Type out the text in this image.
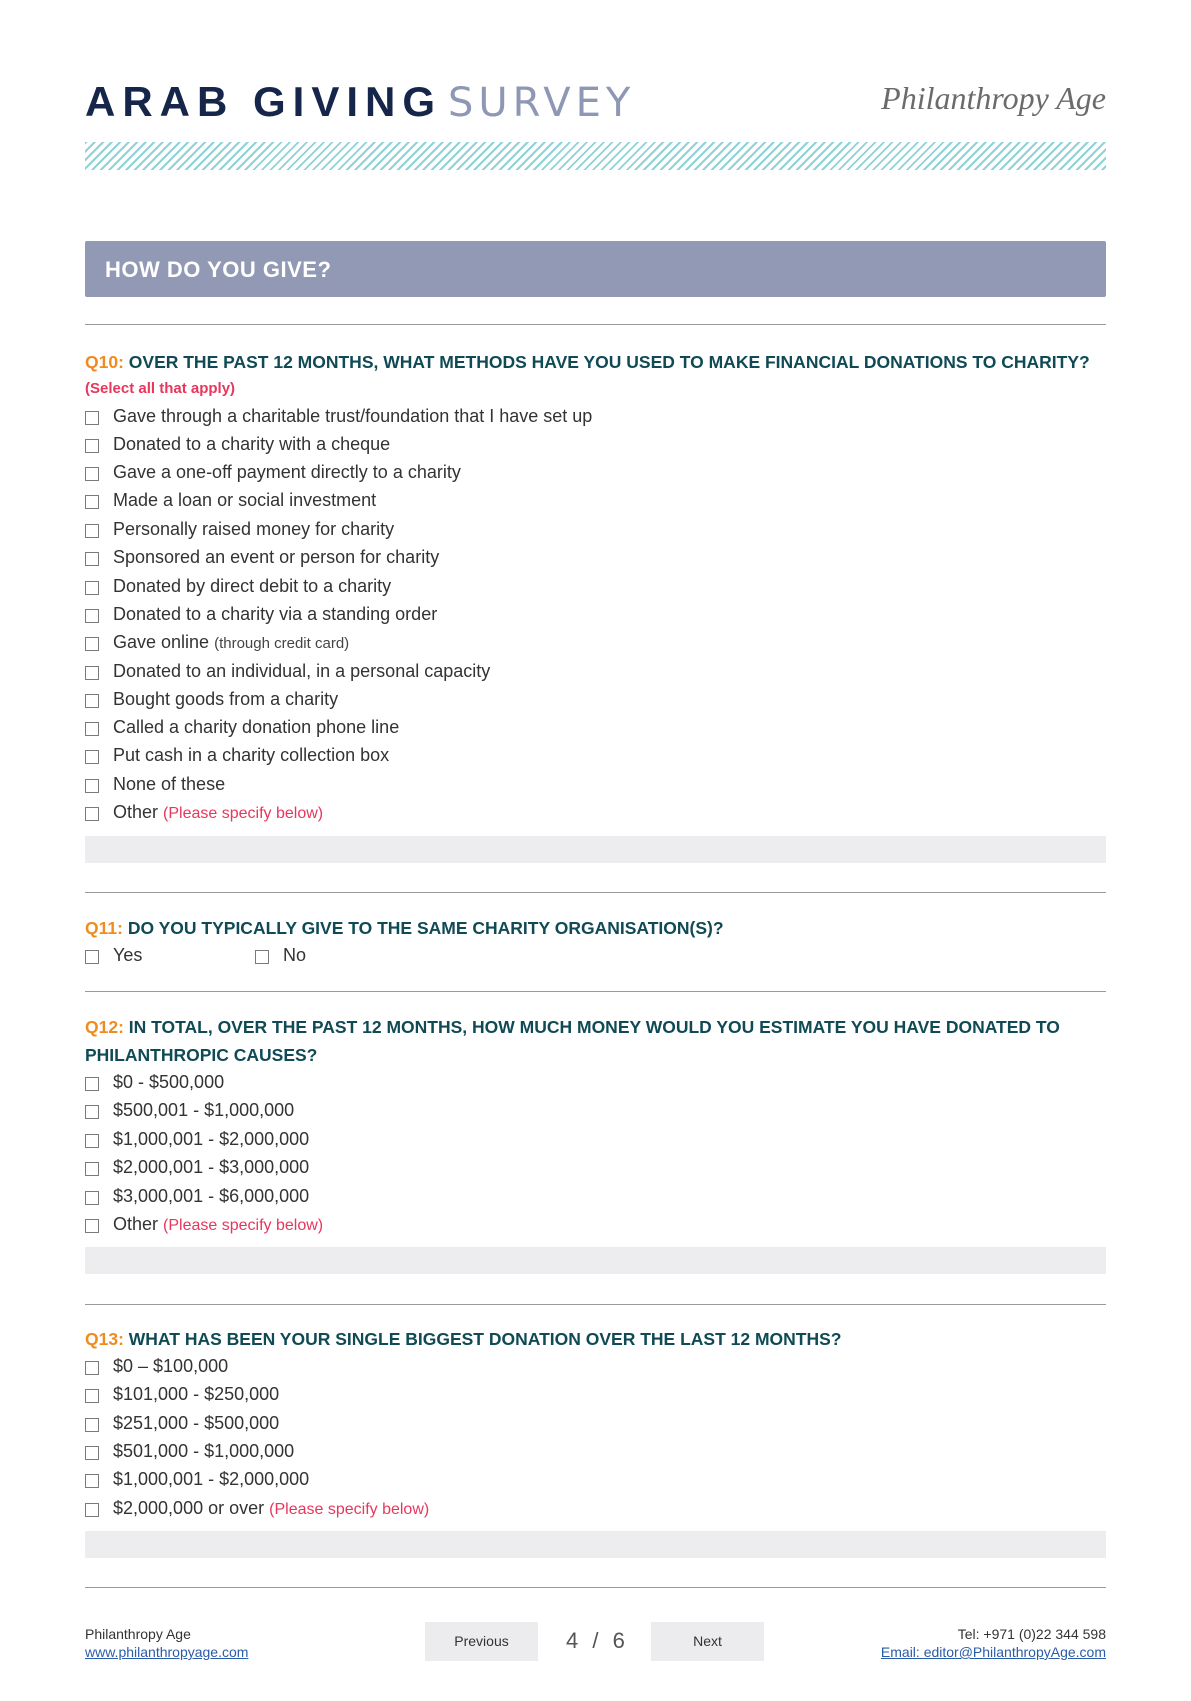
ARAB GIVING SURVEY	Philanthropy Age
HOW DO YOU GIVE?
Q10: OVER THE PAST 12 MONTHS, WHAT METHODS HAVE YOU USED TO MAKE FINANCIAL DONATIONS TO CHARITY?
(Select all that apply)
Gave through a charitable trust/foundation that I have set up
Donated to a charity with a cheque
Gave a one-off payment directly to a charity
Made a loan or social investment
Personally raised money for charity
Sponsored an event or person for charity
Donated by direct debit to a charity
Donated to a charity via a standing order
Gave online (through credit card)
Donated to an individual, in a personal capacity
Bought goods from a charity
Called a charity donation phone line
Put cash in a charity collection box
None of these
Other (Please specify below)
Q11: DO YOU TYPICALLY GIVE TO THE SAME CHARITY ORGANISATION(S)?
Yes	No
Q12: IN TOTAL, OVER THE PAST 12 MONTHS, HOW MUCH MONEY WOULD YOU ESTIMATE YOU HAVE DONATED TO
PHILANTHROPIC CAUSES?
$0 - $500,000
$500,001 - $1,000,000
$1,000,001 - $2,000,000
$2,000,001 - $3,000,000
$3,000,001 - $6,000,000
Other (Please specify below)
Q13: WHAT HAS BEEN YOUR SINGLE BIGGEST DONATION OVER THE LAST 12 MONTHS?
$0 – $100,000
$101,000 - $250,000
$251,000 - $500,000
$501,000 - $1,000,000
$1,000,001 - $2,000,000
$2,000,000 or over (Please specify below)
Philanthropy Age
www.philanthropyage.com
Previous	4 / 6	Next	Tel: +971 (0)22 344 598
Email: editor@PhilanthropyAge.com
